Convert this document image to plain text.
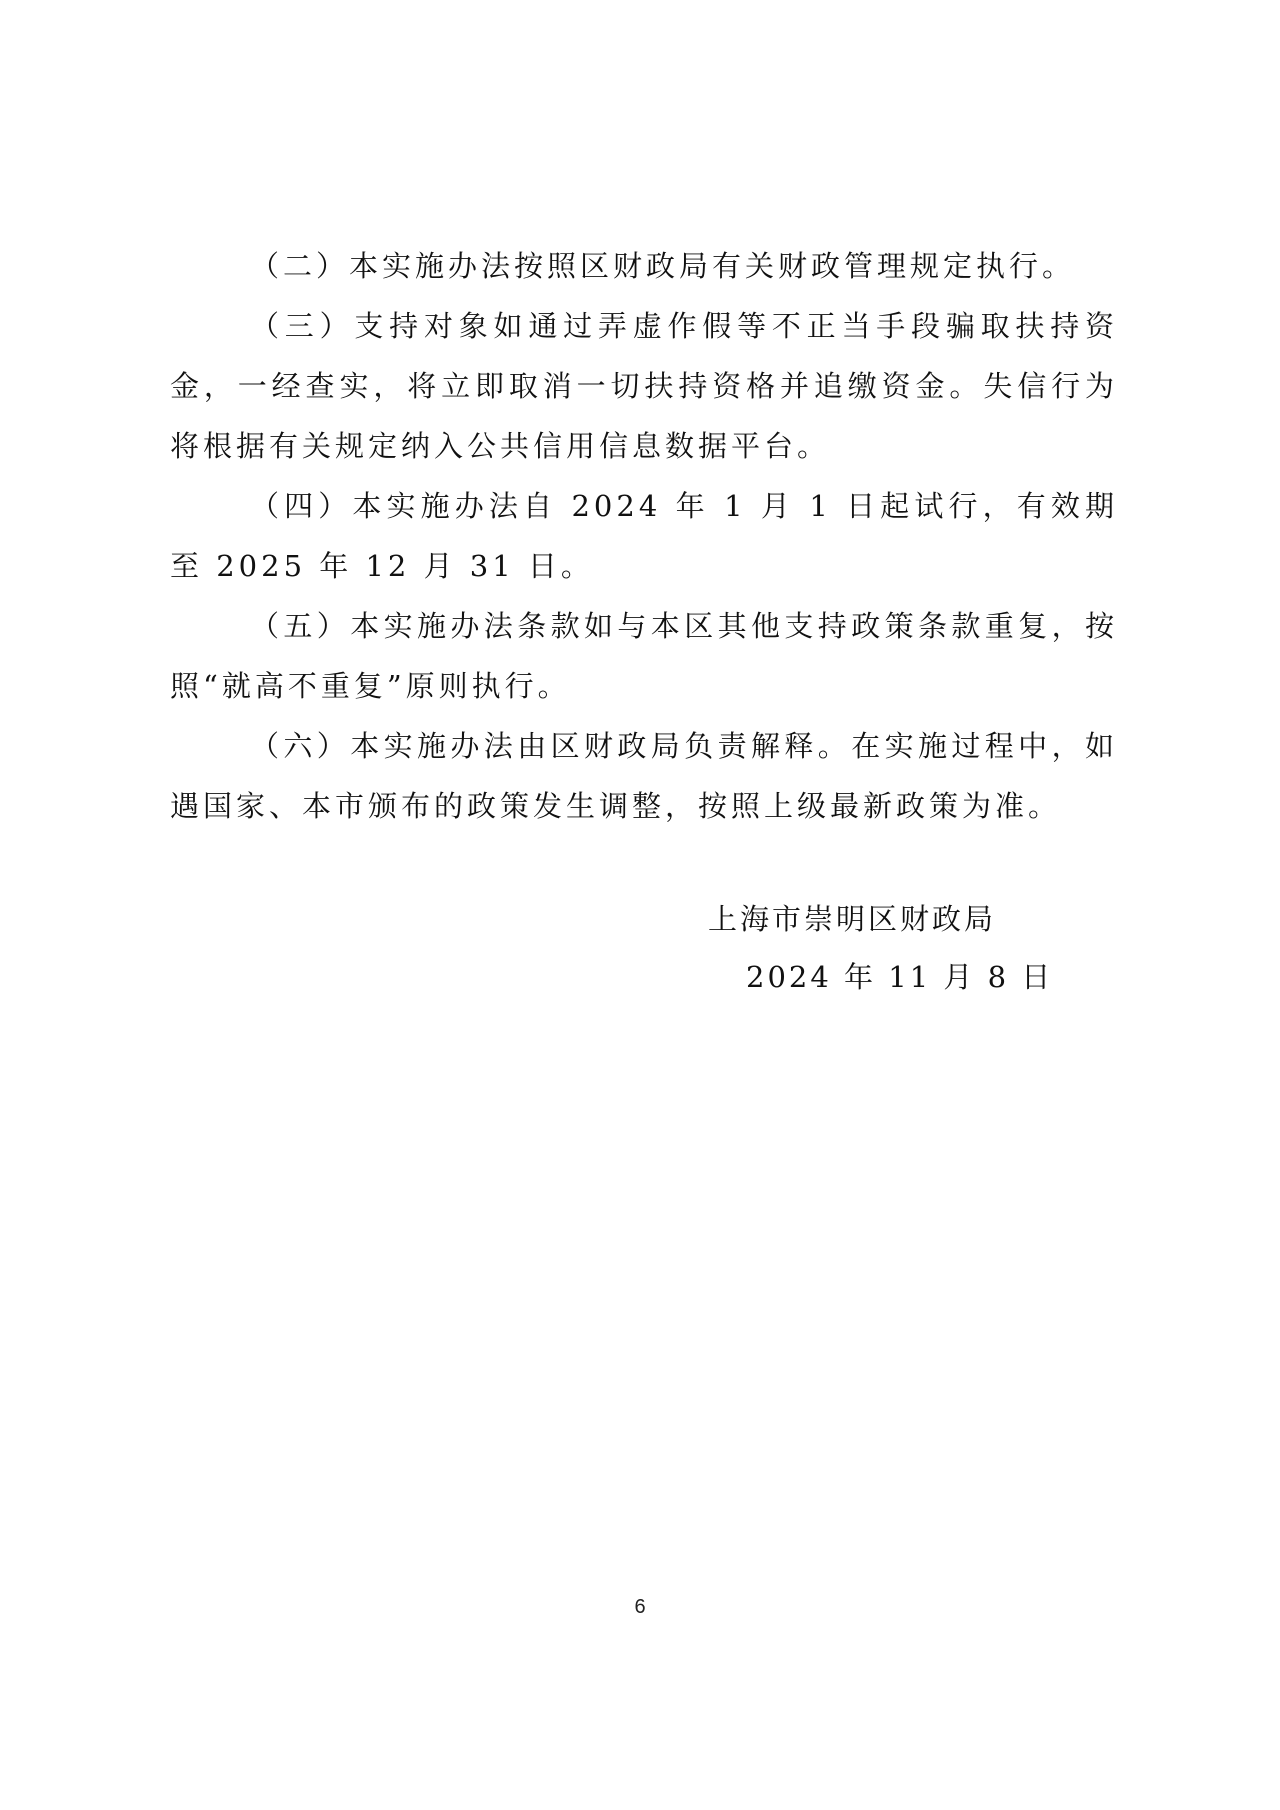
（二）本实施办法按照区财政局有关财政管理规定执行。

（三）支持对象如通过弄虚作假等不正当手段骗取扶持资金，一经查实，将立即取消一切扶持资格并追缴资金。失信行为将根据有关规定纳入公共信用信息数据平台。

（四）本实施办法自 2024 年 1 月 1 日起试行，有效期至 2025 年 12 月 31 日。

（五）本实施办法条款如与本区其他支持政策条款重复，按照“就高不重复”原则执行。

（六）本实施办法由区财政局负责解释。在实施过程中，如遇国家、本市颁布的政策发生调整，按照上级最新政策为准。

上海市崇明区财政局
2024 年 11 月 8 日
6
